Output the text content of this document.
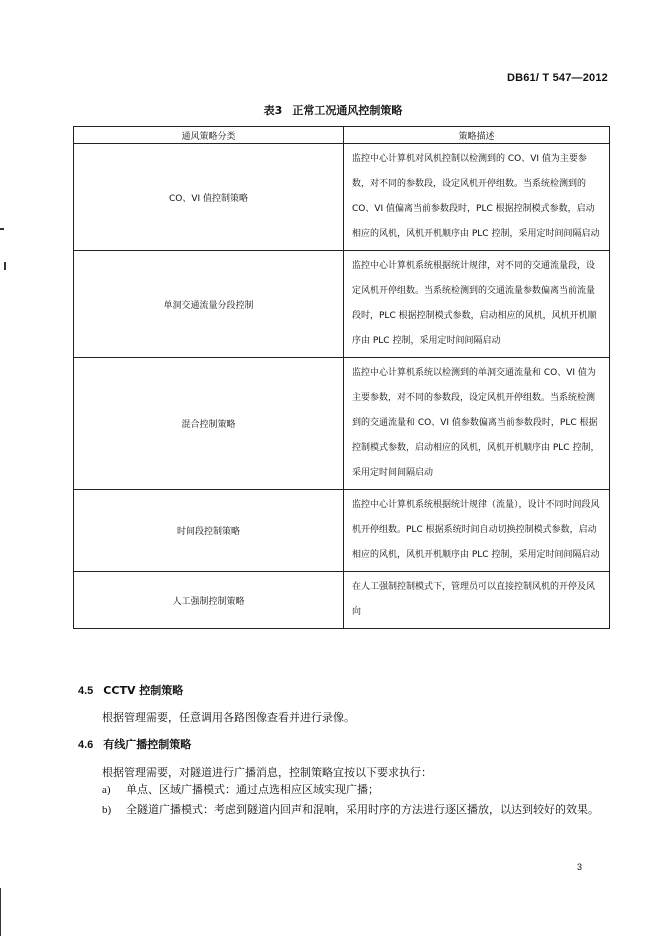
DB61/ T 547—2012
表3 正常工况通风控制策略
通风策略分类	策略描述
CO、VI 值控制策略	监控中心计算机对风机控制以检测到的 CO、VI 值为主要参数，对不同的参数段，设定风机开停组数。当系统检测到的 CO、VI 值偏离当前参数段时，PLC 根据控制模式参数，启动相应的风机，风机开机顺序由 PLC 控制，采用定时间间隔启动
单洞交通流量分段控制	监控中心计算机系统根据统计规律，对不同的交通流量段，设定风机开停组数。当系统检测到的交通流量参数偏离当前流量段时，PLC 根据控制模式参数，启动相应的风机，风机开机顺序由 PLC 控制，采用定时间间隔启动
混合控制策略	监控中心计算机系统以检测到的单洞交通流量和 CO、VI 值为主要参数，对不同的参数段，设定风机开停组数。当系统检测到的交通流量和 CO、VI 值参数偏离当前参数段时，PLC 根据控制模式参数，启动相应的风机，风机开机顺序由 PLC 控制，采用定时间间隔启动
时间段控制策略	监控中心计算机系统根据统计规律（流量），设计不同时间段风机开停组数。PLC 根据系统时间自动切换控制模式参数，启动相应的风机，风机开机顺序由 PLC 控制，采用定时间间隔启动
人工强制控制策略	在人工强制控制模式下，管理员可以直接控制风机的开停及风向
4.5 CCTV 控制策略
根据管理需要，任意调用各路图像查看并进行录像。
4.6 有线广播控制策略
根据管理需要，对隧道进行广播消息，控制策略宜按以下要求执行：
a)	单点、区域广播模式：通过点选相应区域实现广播；
b)	全隧道广播模式：考虑到隧道内回声和混响，采用时序的方法进行逐区播放，以达到较好的效果。
3
